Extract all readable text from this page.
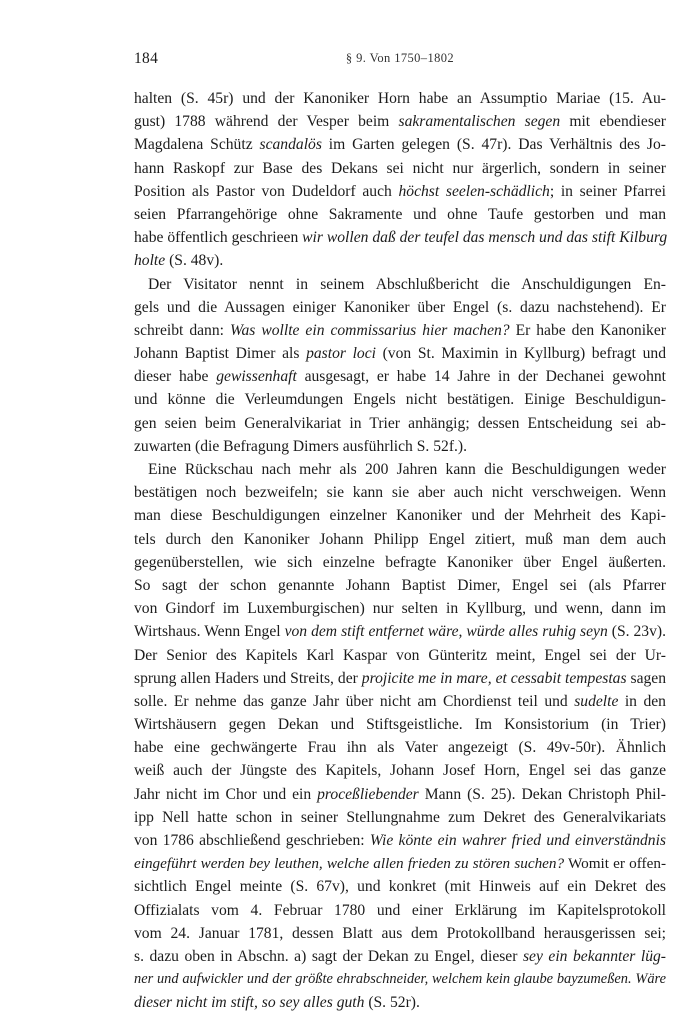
184	§ 9. Von 1750–1802
halten (S. 45r) und der Kanoniker Horn habe an Assumptio Mariae (15. Au-
gust) 1788 während der Vesper beim sakramentalischen segen mit ebendieser
Magdalena Schütz scandalös im Garten gelegen (S. 47r). Das Verhältnis des Jo-
hann Raskopf zur Base des Dekans sei nicht nur ärgerlich, sondern in seiner
Position als Pastor von Dudeldorf auch höchst seelen-schädlich; in seiner Pfarrei
seien Pfarrangehörige ohne Sakramente und ohne Taufe gestorben und man
habe öffentlich geschrieen wir wollen daß der teufel das mensch und das stift Kilburg
holte (S. 48v).
Der Visitator nennt in seinem Abschlußbericht die Anschuldigungen En-
gels und die Aussagen einiger Kanoniker über Engel (s. dazu nachstehend). Er
schreibt dann: Was wollte ein commissarius hier machen? Er habe den Kanoniker
Johann Baptist Dimer als pastor loci (von St. Maximin in Kyllburg) befragt und
dieser habe gewissenhaft ausgesagt, er habe 14 Jahre in der Dechanei gewohnt
und könne die Verleumdungen Engels nicht bestätigen. Einige Beschuldigun-
gen seien beim Generalvikariat in Trier anhängig; dessen Entscheidung sei ab-
zuwarten (die Befragung Dimers ausführlich S. 52f.).
Eine Rückschau nach mehr als 200 Jahren kann die Beschuldigungen weder
bestätigen noch bezweifeln; sie kann sie aber auch nicht verschweigen. Wenn
man diese Beschuldigungen einzelner Kanoniker und der Mehrheit des Kapi-
tels durch den Kanoniker Johann Philipp Engel zitiert, muß man dem auch
gegenüberstellen, wie sich einzelne befragte Kanoniker über Engel äußerten.
So sagt der schon genannte Johann Baptist Dimer, Engel sei (als Pfarrer
von Gindorf im Luxemburgischen) nur selten in Kyllburg, und wenn, dann im
Wirtshaus. Wenn Engel von dem stift entfernet wäre, würde alles ruhig seyn (S. 23v).
Der Senior des Kapitels Karl Kaspar von Günteritz meint, Engel sei der Ur-
sprung allen Haders und Streits, der projicite me in mare, et cessabit tempestas sagen
solle. Er nehme das ganze Jahr über nicht am Chordienst teil und sudelte in den
Wirtshäusern gegen Dekan und Stiftsgeistliche. Im Konsistorium (in Trier)
habe eine gechwängerte Frau ihn als Vater angezeigt (S. 49v-50r). Ähnlich
weiß auch der Jüngste des Kapitels, Johann Josef Horn, Engel sei das ganze
Jahr nicht im Chor und ein proceßliebender Mann (S. 25). Dekan Christoph Phil-
ipp Nell hatte schon in seiner Stellungnahme zum Dekret des Generalvikariats
von 1786 abschließend geschrieben: Wie könte ein wahrer fried und einverständnis
eingeführt werden bey leuthen, welche allen frieden zu stören suchen? Womit er offen-
sichtlich Engel meinte (S. 67v), und konkret (mit Hinweis auf ein Dekret des
Offizialats vom 4. Februar 1780 und einer Erklärung im Kapitelsprotokoll
vom 24. Januar 1781, dessen Blatt aus dem Protokollband herausgerissen sei;
s. dazu oben in Abschn. a) sagt der Dekan zu Engel, dieser sey ein bekannter lüg-
ner und aufwickler und der größte ehrabschneider, welchem kein glaube bayzumeßen. Wäre
dieser nicht im stift, so sey alles guth (S. 52r).
